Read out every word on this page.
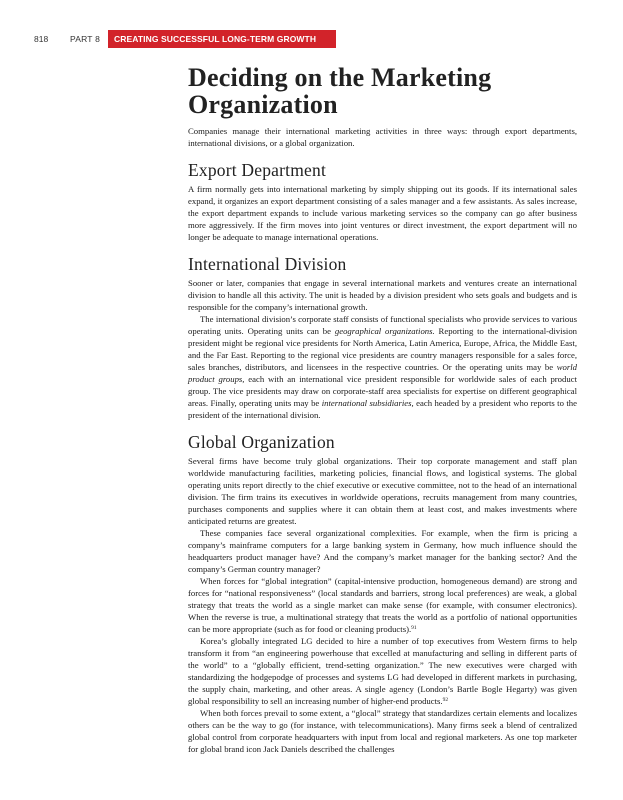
818	PART 8 CREATING SUCCESSFUL LONG-TERM GROWTH
Deciding on the Marketing Organization

Companies manage their international marketing activities in three ways: through export departments, international divisions, or a global organization.

Export Department

A firm normally gets into international marketing by simply shipping out its goods. If its international sales expand, it organizes an export department consisting of a sales manager and a few assistants. As sales increase, the export department expands to include various marketing services so the company can go after business more aggressively. If the firm moves into joint ventures or direct investment, the export department will no longer be adequate to manage international operations.

International Division

Sooner or later, companies that engage in several international markets and ventures create an international division to handle all this activity. The unit is headed by a division president who sets goals and budgets and is responsible for the company’s international growth.

The international division’s corporate staff consists of functional specialists who provide services to various operating units. Operating units can be geographical organizations. Reporting to the international-division president might be regional vice presidents for North America, Latin America, Europe, Africa, the Middle East, and the Far East. Reporting to the regional vice presidents are country managers responsible for a sales force, sales branches, distributors, and licensees in the respective countries. Or the operating units may be world product groups, each with an international vice president responsible for worldwide sales of each product group. The vice presidents may draw on corporate-staff area specialists for expertise on different geographical areas. Finally, operating units may be international subsidiaries, each headed by a president who reports to the president of the international division.

Global Organization

Several firms have become truly global organizations. Their top corporate management and staff plan worldwide manufacturing facilities, marketing policies, financial flows, and logistical systems. The global operating units report directly to the chief executive or executive committee, not to the head of an international division. The firm trains its executives in worldwide operations, recruits management from many countries, purchases components and supplies where it can obtain them at least cost, and makes investments where anticipated returns are greatest.

These companies face several organizational complexities. For example, when the firm is pricing a company’s mainframe computers for a large banking system in Germany, how much influence should the headquarters product manager have? And the company’s market manager for the banking sector? And the company’s German country manager?

When forces for “global integration” (capital-intensive production, homogeneous demand) are strong and forces for “national responsiveness” (local standards and barriers, strong local preferences) are weak, a global strategy that treats the world as a single market can make sense (for example, with consumer electronics). When the reverse is true, a multinational strategy that treats the world as a portfolio of national opportunities can be more appropriate (such as for food or cleaning products).$^{91}$

Korea’s globally integrated LG decided to hire a number of top executives from Western firms to help transform it from “an engineering powerhouse that excelled at manufacturing and selling in different parts of the world” to a “globally efficient, trend-setting organization.” The new executives were charged with standardizing the hodgepodge of processes and systems LG had developed in different markets in purchasing, the supply chain, marketing, and other areas. A single agency (London’s Bartle Bogle Hegarty) was given global responsibility to sell an increasing number of higher-end products.$^{92}$

When both forces prevail to some extent, a “glocal” strategy that standardizes certain elements and localizes others can be the way to go (for instance, with telecommunications). Many firms seek a blend of centralized global control from corporate headquarters with input from local and regional marketers. As one top marketer for global brand icon Jack Daniels described the challenges
